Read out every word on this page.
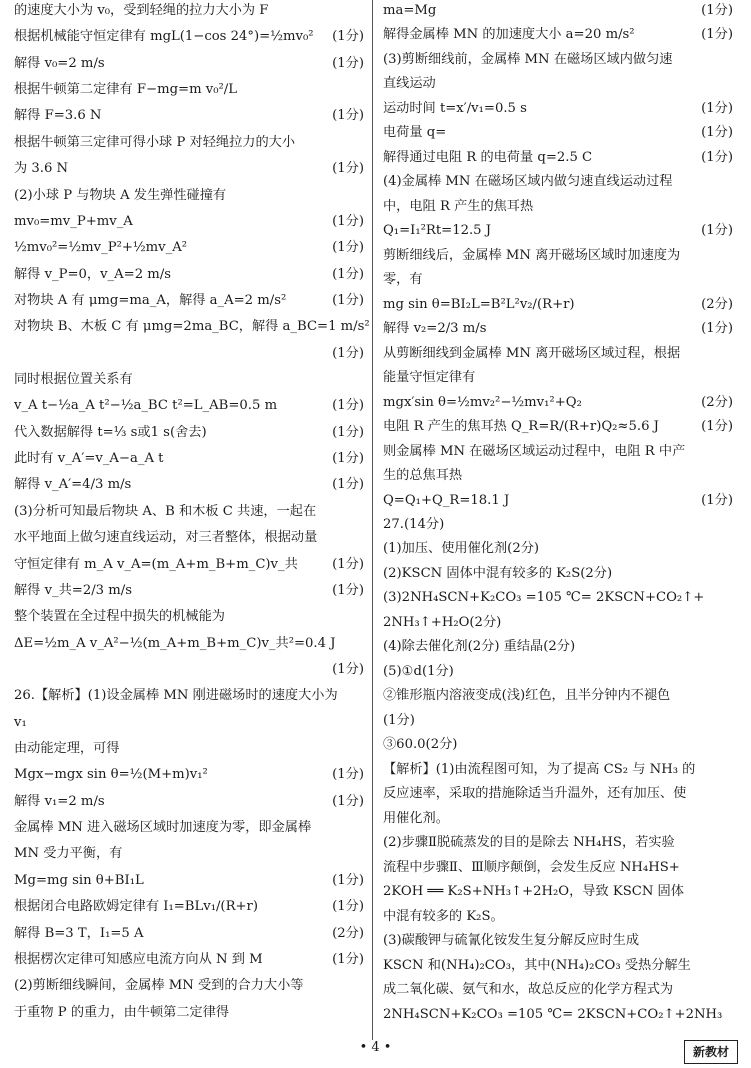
的速度大小为 v₀，受到轻绳的拉力大小为 F
根据机械能守恒定律有 mgL(1−cos 24°)=½mv₀²	(1分)
解得 v₀=2 m/s	(1分)
根据牛顿第二定律有 F−mg=m v₀²/L
解得 F=3.6 N	(1分)
根据牛顿第三定律可得小球 P 对轻绳拉力的大小
为 3.6 N	(1分)
(2)小球 P 与物块 A 发生弹性碰撞有
mv₀=mv_P+mv_A	(1分)
½mv₀²=½mv_P²+½mv_A²	(1分)
解得 v_P=0，v_A=2 m/s	(1分)
对物块 A 有 μmg=ma_A，解得 a_A=2 m/s²	(1分)
对物块 B、木板 C 有 μmg=2ma_BC，解得 a_BC=1 m/s²
(1分)
同时根据位置关系有
v_A t−½a_A t²−½a_BC t²=L_AB=0.5 m	(1分)
代入数据解得 t=⅓ s或1 s(舍去)	(1分)
此时有 v_A′=v_A−a_A t	(1分)
解得 v_A′=4/3 m/s	(1分)
(3)分析可知最后物块 A、B 和木板 C 共速，一起在
水平地面上做匀速直线运动，对三者整体，根据动量
守恒定律有 m_A v_A=(m_A+m_B+m_C)v_共	(1分)
解得 v_共=2/3 m/s	(1分)
整个装置在全过程中损失的机械能为
ΔE=½m_A v_A²−½(m_A+m_B+m_C)v_共²=0.4 J
(1分)
26.【解析】(1)设金属棒 MN 刚进磁场时的速度大小为
v₁
由动能定理，可得
Mgx−mgx sin θ=½(M+m)v₁²	(1分)
解得 v₁=2 m/s	(1分)
金属棒 MN 进入磁场区域时加速度为零，即金属棒
MN 受力平衡，有
Mg=mg sin θ+BI₁L	(1分)
根据闭合电路欧姆定律有 I₁=BLv₁/(R+r)	(1分)
解得 B=3 T，I₁=5 A	(2分)
根据楞次定律可知感应电流方向从 N 到 M	(1分)
(2)剪断细线瞬间，金属棒 MN 受到的合力大小等
于重物 P 的重力，由牛顿第二定律得
ma=Mg	(1分)
解得金属棒 MN 的加速度大小 a=20 m/s²	(1分)
(3)剪断细线前，金属棒 MN 在磁场区域内做匀速
直线运动
运动时间 t=x′/v₁=0.5 s	(1分)
电荷量 q=	(1分)
解得通过电阻 R 的电荷量 q=2.5 C	(1分)
(4)金属棒 MN 在磁场区域内做匀速直线运动过程
中，电阻 R 产生的焦耳热
Q₁=I₁²Rt=12.5 J	(1分)
剪断细线后，金属棒 MN 离开磁场区域时加速度为
零，有
mg sin θ=BI₂L=B²L²v₂/(R+r)	(2分)
解得 v₂=2/3 m/s	(1分)
从剪断细线到金属棒 MN 离开磁场区域过程，根据
能量守恒定律有
mgx′sin θ=½mv₂²−½mv₁²+Q₂	(2分)
电阻 R 产生的焦耳热 Q_R=R/(R+r)Q₂≈5.6 J	(1分)
则金属棒 MN 在磁场区域运动过程中，电阻 R 中产
生的总焦耳热
Q=Q₁+Q_R=18.1 J	(1分)
27.(14分)
(1)加压、使用催化剂(2分)
(2)KSCN 固体中混有较多的 K₂S(2分)
(3)2NH₄SCN+K₂CO₃ =105 ℃= 2KSCN+CO₂↑+
2NH₃↑+H₂O(2分)
(4)除去催化剂(2分) 重结晶(2分)
(5)①d(1分)
②锥形瓶内溶液变成(浅)红色，且半分钟内不褪色
(1分)
③60.0(2分)
【解析】(1)由流程图可知，为了提高 CS₂ 与 NH₃ 的
反应速率，采取的措施除适当升温外，还有加压、使
用催化剂。
(2)步骤Ⅱ脱硫蒸发的目的是除去 NH₄HS，若实验
流程中步骤Ⅱ、Ⅲ顺序颠倒，会发生反应 NH₄HS+
2KOH ══ K₂S+NH₃↑+2H₂O，导致 KSCN 固体
中混有较多的 K₂S。
(3)碳酸钾与硫氰化铵发生复分解反应时生成
KSCN 和(NH₄)₂CO₃，其中(NH₄)₂CO₃ 受热分解生
成二氧化碳、氨气和水，故总反应的化学方程式为
2NH₄SCN+K₂CO₃ =105 ℃= 2KSCN+CO₂↑+2NH₃
• 4 •	新教材
